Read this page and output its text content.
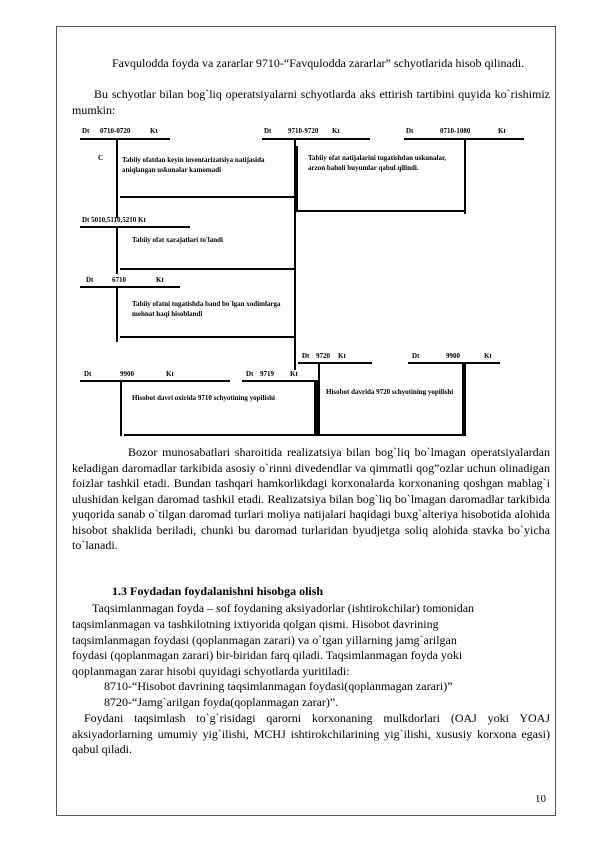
Favqulodda foyda va zararlar 9710-“Favqulodda zararlar” schyotlarida hisob qilinadi.

Bu schyotlar bilan bog`liq operatsiyalarni schyotlarda aks ettirish tartibini quyida ko`rishimiz mumkin:

Dt 0710-0720	Kt	Dt 9710-9720 Kt	Dt	0710-1080	Kt
C	Tabiiy ofatdan keyin inventarizatsiya natijasida aniqlangan uskunalar kamomadi
Tabiiy ofat natijalarini tugatishdan uskunalar, arzon baholi buyumlar qabul qilindi.
Dt 5010,5110,5210 Kt
Tabiiy ofat xarajatlari to'landi
Dt	6710	Kt
Tabiiy ofatni tugatishda band bo`lgan xodimlarga mehnat haqi hisoblandi
Dt 9720 Kt	Dt	9900	Kt
Dt	9900	Kt	Dt 9719 Kt
Hisobot davri oxirida 9710 schyotining yopilishi
Hisobot davrida 9720 schyotining yopilishi

Bozor munosabatlari sharoitida realizatsiya bilan bog`liq bo`lmagan operatsiyalardan keladigan daromadlar tarkibida asosiy o`rinni divedendlar va qimmatli qog”ozlar uchun olinadigan foizlar tashkil etadi. Bundan tashqari hamkorlikdagi korxonalarda korxonaning qoshgan mablag`i ulushidan kelgan daromad tashkil etadi. Realizatsiya bilan bog`liq bo`lmagan daromadlar tarkibida yuqorida sanab o`tilgan daromad turlari moliya natijalari haqidagi buxg`alteriya hisobotida alohida hisobot shaklida beriladi, chunki bu daromad turlaridan byudjetga soliq alohida stavka bo`yicha to`lanadi.

1.3 Foydadan foydalanishni hisobga olish
Taqsimlanmagan foyda – sof foydaning aksiyadorlar (ishtirokchilar) tomonidan
taqsimlanmagan va tashkilotning ixtiyorida qolgan qismi. Hisobot davrining
taqsimlanmagan foydasi (qoplanmagan zarari) va o`tgan yillarning jamg`arilgan
foydasi (qoplanmagan zarari) bir-biridan farq qiladi. Taqsimlanmagan foyda yoki
qoplanmagan zarar hisobi quyidagi schyotlarda yuritiladi:
8710-“Hisobot davrining taqsimlanmagan foydasi(qoplanmagan zarari)”
8720-“Jamg`arilgan foyda(qoplanmagan zarar)”.

Foydani taqsimlash to`g`risidagi qarorni korxonaning mulkdorlari (OAJ yoki YOAJ aksiyadorlarning umumiy yig`ilishi, MCHJ ishtirokchilarining yig`ilishi, xususiy korxona egasi) qabul qiladi.

10
